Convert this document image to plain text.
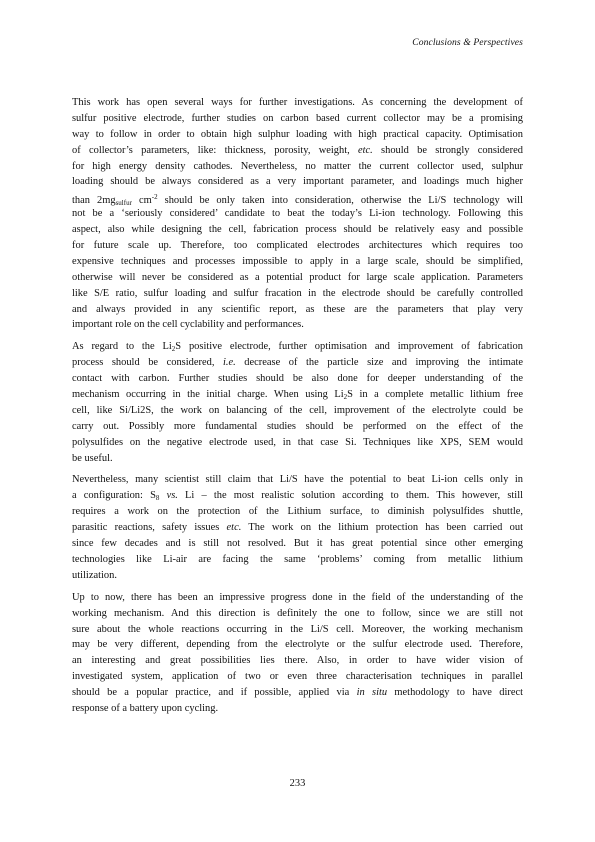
Conclusions & Perspectives

This work has open several ways for further investigations. As concerning the development of
sulfur positive electrode, further studies on carbon based current collector may be a promising
way to follow in order to obtain high sulphur loading with high practical capacity. Optimisation
of collector’s parameters, like: thickness, porosity, weight, etc. should be strongly considered
for high energy density cathodes. Nevertheless, no matter the current collector used, sulphur
loading should be always considered as a very important parameter, and loadings much higher
than $2mg_{sulfur}$ $cm^{-2}$ should be only taken into consideration, otherwise the Li/S technology will
not be a ‘seriously considered’ candidate to beat the today’s Li-ion technology. Following this
aspect, also while designing the cell, fabrication process should be relatively easy and possible
for future scale up. Therefore, too complicated electrodes architectures which requires too
expensive techniques and processes impossible to apply in a large scale, should be simplified,
otherwise will never be considered as a potential product for large scale application. Parameters
like S/E ratio, sulfur loading and sulfur fracation in the electrode should be carefully controlled
and always provided in any scientific report, as these are the parameters that play very
important role on the cell cyclability and performances.

As regard to the $Li_2S$ positive electrode, further optimisation and improvement of fabrication
process should be considered, i.e. decrease of the particle size and improving the intimate
contact with carbon. Further studies should be also done for deeper understanding of the
mechanism occurring in the initial charge. When using $Li_2S$ in a complete metallic lithium free
cell, like Si/Li2S, the work on balancing of the cell, improvement of the electrolyte could be
carry out. Possibly more fundamental studies should be performed on the effect of the
polysulfides on the negative electrode used, in that case Si. Techniques like XPS, SEM would
be useful.

Nevertheless, many scientist still claim that Li/S have the potential to beat Li-ion cells only in
a configuration: $S_8$ vs. Li – the most realistic solution according to them. This however, still
requires a work on the protection of the Lithium surface, to diminish polysulfides shuttle,
parasitic reactions, safety issues etc. The work on the lithium protection has been carried out
since few decades and is still not resolved. But it has great potential since other emerging
technologies like Li-air are facing the same ‘problems’ coming from metallic lithium
utilization.

Up to now, there has been an impressive progress done in the field of the understanding of the
working mechanism. And this direction is definitely the one to follow, since we are still not
sure about the whole reactions occurring in the Li/S cell. Moreover, the working mechanism
may be very different, depending from the electrolyte or the sulfur electrode used. Therefore,
an interesting and great possibilities lies there. Also, in order to have wider vision of
investigated system, application of two or even three characterisation techniques in parallel
should be a popular practice, and if possible, applied via in situ methodology to have direct
response of a battery upon cycling.

233
